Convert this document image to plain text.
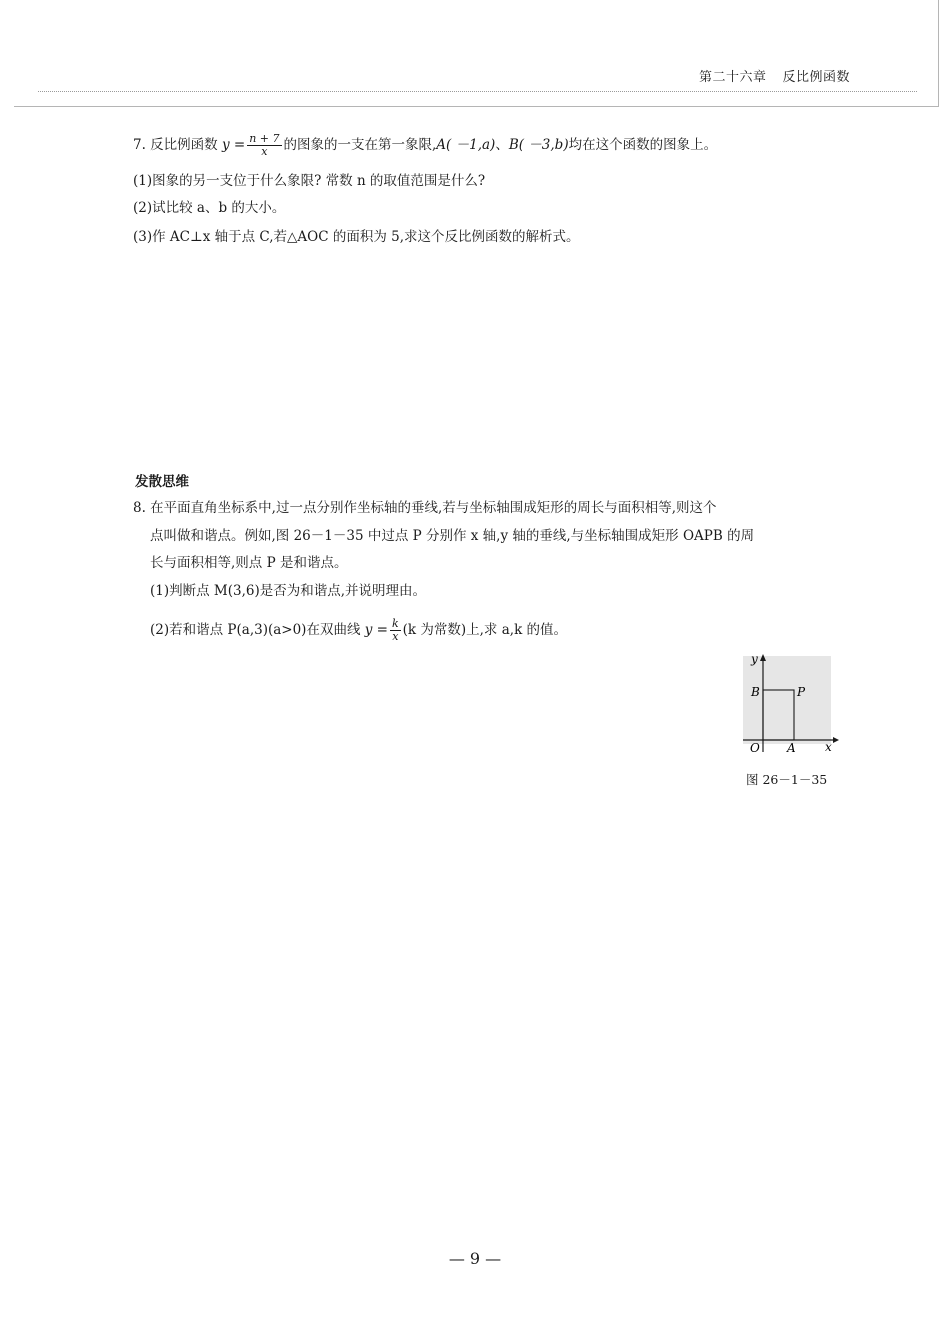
第二十六章 反比例函数
7. 反比例函数 $y = \frac{n + 7}{x}$ 的图象的一支在第一象限,A( －1,a)、B( －3,b)均在这个函数的图象上。
(1)图象的另一支位于什么象限? 常数 n 的取值范围是什么?
(2)试比较 a、b 的大小。
(3)作 AC⊥x 轴于点 C,若△AOC 的面积为 5,求这个反比例函数的解析式。
发散思维
8. 在平面直角坐标系中,过一点分别作坐标轴的垂线,若与坐标轴围成矩形的周长与面积相等,则这个
点叫做和谐点。例如,图 26－1－35 中过点 P 分别作 x 轴,y 轴的垂线,与坐标轴围成矩形 OAPB 的周
长与面积相等,则点 P 是和谐点。
(1)判断点 M(3,6)是否为和谐点,并说明理由。
(2)若和谐点 P(a,3)(a>0)在双曲线 $y = \frac{k}{x} (k$ 为常数)上,求 a,k 的值。
y
x
O A
B	P
图 26－1－35
— 9 —
